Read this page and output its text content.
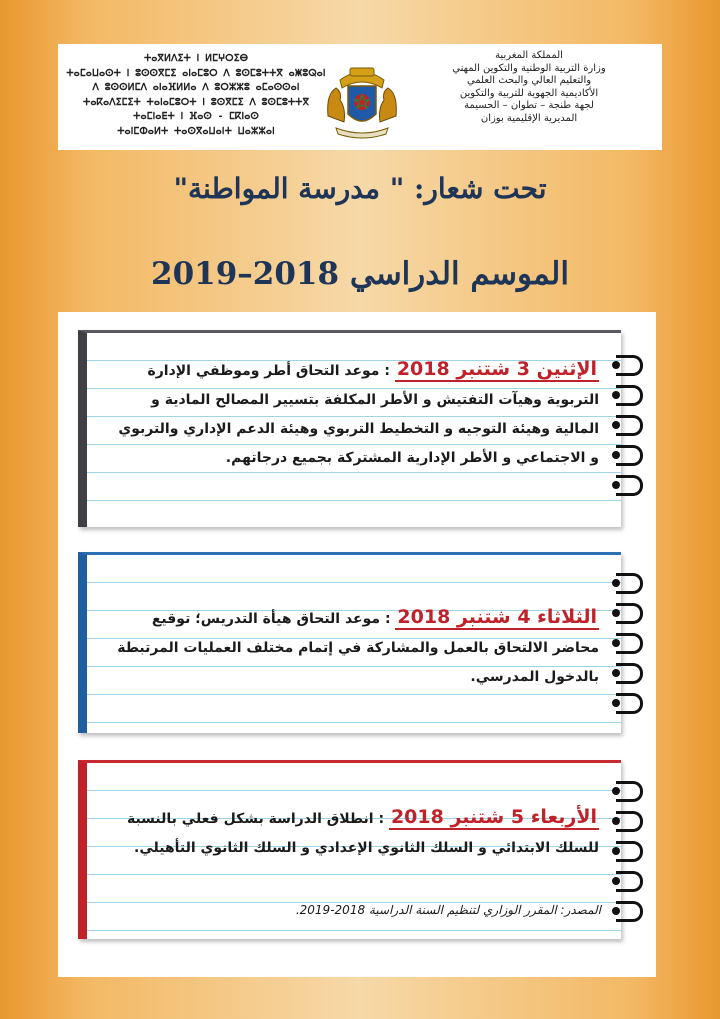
ⵜⴰⴳⵍⴷⵉⵜ ⵏ ⵍⵎⵖⵔⵉⴱ
ⵜⴰⵎⴰⵡⴰⵙⵜ ⵏ ⵓⵙⵙⴳⵎⵉ ⴰⵏⴰⵎⵓⵔ ⴷ ⵓⵙⵎⵓⵜⵜⴳ ⴰⵥⵓⵕⴰⵏ
ⴷ ⵓⵙⵙⵍⵎⴷ ⴰⵏⴰⴼⵍⵍⴰ ⴷ ⵓⵔⵣⵣⵓ ⴰⵎⴰⵙⵙⴰⵏ
ⵜⴰⴽⴰⴷⵉⵎⵉⵜ ⵜⴰⵏⴰⵎⵓⵔⵜ ⵏ ⵓⵙⴳⵎⵉ ⴷ ⵓⵙⵎⵓⵜⵜⴳ
ⵜⴰⵎⵏⴰⴹⵜ ⵏ ⴼⴰⵙ - ⵎⴽⵏⴰⵙ
ⵜⴰⵏⵎⵀⴰⵍⵜ ⵜⴰⵙⴳⴰⵡⴰⵏⵜ ⵡⴰⵣⵣⴰⵏ
المملكة المغربية
وزارة التربية الوطنية والتكوين المهني
والتعليم العالي والبحث العلمي
الأكاديمية الجهوية للتربية والتكوين
لجهة طنجة – تطوان – الحسيمة
المديرية الإقليمية بوزان
تحت شعار: " مدرسة المواطنة"
الموسم الدراسي 2018–2019
الإثنين 3 شتنبر 2018 : موعد التحاق أطر وموظفي الإدارة التربوية وهيآت التفتيش و الأطر المكلفة بتسيير المصالح المادية و المالية وهيئة التوجيه و التخطيط التربوي وهيئة الدعم الإداري والتربوي و الاجتماعي و الأطر الإدارية المشتركة بجميع درجاتهم.
الثلاثاء 4 شتنبر 2018 : موعد التحاق هيأة التدريس؛ توقيع محاضر الالتحاق بالعمل والمشاركة في إتمام مختلف العمليات المرتبطة بالدخول المدرسي.
الأربعاء 5 شتنبر 2018 : انطلاق الدراسة بشكل فعلي بالنسبة للسلك الابتدائي و السلك الثانوي الإعدادي و السلك الثانوي التأهيلي.
المصدر: المقرر الوزاري لتنظيم السنة الدراسية 2018-2019.
